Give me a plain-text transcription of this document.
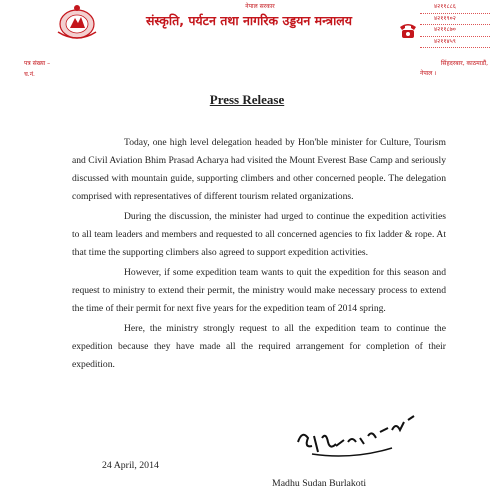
नेपाल सरकार
संस्कृति, पर्यटन तथा नागरिक उड्डयन मन्त्रालय
४२११८८६
४२११९०२
४२११८७०
४२११४५९
पत्र संख्या –
च.नं.
सिंहदरबार, काठमाडौं,
नेपाल ।
Press Release

Today, one high level delegation headed by Hon'ble minister for Culture, Tourism and Civil Aviation Bhim Prasad Acharya had visited the Mount Everest Base Camp and seriously discussed with mountain guide, supporting climbers and other concerned people. The delegation comprised with representatives of different tourism related organizations.

During the discussion, the minister had urged to continue the expedition activities to all team leaders and members and requested to all concerned agencies to fix ladder & rope. At that time the supporting climbers also agreed to support expedition activities.

However, if some expedition team wants to quit the expedition for this season and request to ministry to extend their permit, the ministry would make necessary process to extend the time of their permit for next five years for the expedition team of 2014 spring.

Here, the ministry strongly request to all the expedition team to continue the expedition because they have made all the required arrangement for completion of their expedition.

24 April, 2014
Madhu Sudan Burlakoti
